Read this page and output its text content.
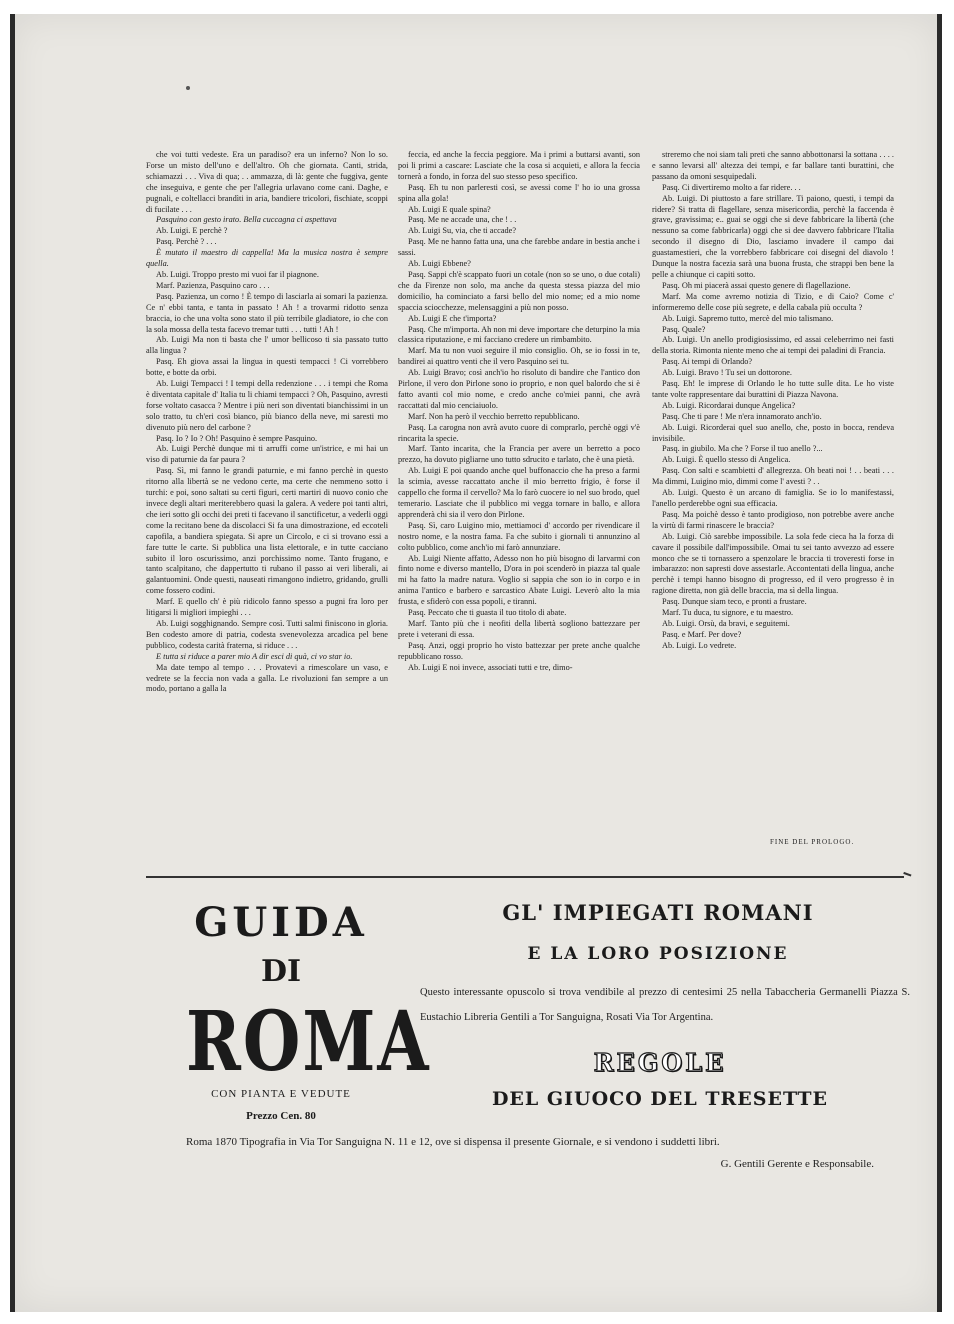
che voi tutti vedeste. Era un paradiso? era un inferno? Non lo so. Forse un misto dell'uno e dell'altro. Oh che giornata. Canti, strida, schiamazzi . . . Viva di qua; . . ammazza, di là: gente che fuggiva, gente che inseguiva, e gente che per l'allegria urlavano come cani. Daghe, e pugnali, e coltellacci brandìti in aria, bandiere tricolori, fischiate, scoppi di fucilate . . .

Pasquino con gesto irato. Bella cuccagna ci aspettava

Ab. Luigi. E perchè ?

Pasq. Perchè ? . . .

È mutato il maestro di cappella! Ma la musica nostra è sempre quella.

Ab. Luigi. Troppo presto mi vuoi far il piagnone.

Marf. Pazienza, Pasquino caro . . .

Pasq. Pazienza, un corno ! È tempo di lasciarla ai somari la pazienza. Ce n' ebbi tanta, e tanta in passato ! Ah ! a trovarmi ridotto senza braccia, io che una volta sono stato il più terribile gladiatore, io che con la sola mossa della testa facevo tremar tutti . . . tutti ! Ah !

Ab. Luigi Ma non ti basta che l' umor bellicoso ti sia passato tutto alla lingua ?

Pasq. Eh giova assai la lingua in questi tempacci ! Ci vorrebbero botte, e botte da orbi.

Ab. Luigi Tempacci ! I tempi della redenzione . . . i tempi che Roma è diventata capitale d' Italia tu li chiami tempacci ? Oh, Pasquino, avresti forse voltato casacca ? Mentre i più neri son diventati bianchissimi in un solo tratto, tu ch'eri così bianco, più bianco della neve, mi saresti mo divenuto più nero del carbone ?

Pasq. Io ? Io ? Oh! Pasquino è sempre Pasquino.

Ab. Luigi Perchè dunque mi ti arruffi come un'istrice, e mi hai un viso di paturnie da far paura ?

Pasq. Sì, mi fanno le grandi paturnie, e mi fanno perchè in questo ritorno alla libertà se ne vedono certe, ma certe che nemmeno sotto i turchi: e poi, sono saltati su certi figuri, certi martiri di nuovo conio che invece degli altari meriterebbero quasi la galera. A vedere poi tanti altri, che ieri sotto gli occhi dei preti ti facevano il sanctificetur, a vederli oggi come la recitano bene da discolacci Si fa una dimostrazione, ed eccoteli capofila, a bandiera spiegata. Si apre un Circolo, e ci si trovano essi a fare tutte le carte. Si pubblica una lista elettorale, e in tutte cacciano subito il loro oscurissimo, anzi porchissimo nome. Tanto frugano, e tanto scalpitano, che dappertutto ti rubano il passo ai veri liberali, ai galantuomini. Onde questi, nauseati rimangono indietro, gridando, grulli come fossero codini.

Marf. E quello ch' è più ridicolo fanno spesso a pugni fra loro per litigarsi li migliori impieghi . . .

Ab. Luigi sogghignando. Sempre così. Tutti salmi finiscono in gloria. Ben codesto amore di patria, codesta svenevolezza arcadica pel bene pubblico, codesta carità fraterna, si riduce . . .

E tutta si riduce a parer mio A dir esci di quà, ci vo star io.

Ma date tempo al tempo . . . Provatevi a rimescolare un vaso, e vedrete se la feccia non vada a galla. Le rivoluzioni fan sempre a un modo, portano a galla la

feccia, ed anche la feccia peggiore. Ma i primi a buttarsi avanti, son poi li primi a cascare: Lasciate che la cosa si acquieti, e allora la feccia tornerà a fondo, in forza del suo stesso peso specifico.

Pasq. Eh tu non parleresti così, se avessi come l' ho io una grossa spina alla gola!

Ab. Luigi E quale spina?

Pasq. Me ne accade una, che ! . .

Ab. Luigi Su, via, che ti accade?

Pasq. Me ne hanno fatta una, una che farebbe andare in bestia anche i sassi.

Ab. Luigi Ebbene?

Pasq. Sappi ch'è scappato fuori un cotale (non so se uno, o due cotali) che da Firenze non solo, ma anche da questa stessa piazza del mio domicilio, ha cominciato a farsi bello del mio nome; ed a mio nome spaccia sciocchezze, melensaggini a più non posso.

Ab. Luigi E che t'importa?

Pasq. Che m'importa. Ah non mi deve importare che deturpino la mia classica riputazione, e mi facciano credere un rimbambito.

Marf. Ma tu non vuoi seguire il mio consiglio. Oh, se io fossi in te, bandirei ai quattro venti che il vero Pasquino sei tu.

Ab. Luigi Bravo; così anch'io ho risoluto di bandire che l'antico don Pirlone, il vero don Pirlone sono io proprio, e non quel balordo che si è fatto avanti col mio nome, e credo anche co'miei panni, che avrà raccattati dal mio cenciaiuolo.

Marf. Non ha però il vecchio berretto repubblicano.

Pasq. La carogna non avrà avuto cuore di comprarlo, perchè oggi v'è rincarita la specie.

Marf. Tanto incarita, che la Francia per avere un berretto a poco prezzo, ha dovuto pigliarne uno tutto sdrucito e tarlato, che è una pietà.

Ab. Luigi E poi quando anche quel buffonaccio che ha preso a farmi la scimia, avesse raccattato anche il mio berretto frigio, è forse il cappello che forma il cervello? Ma lo farò cuocere io nel suo brodo, quel temerario. Lasciate che il pubblico mi vegga tornare in ballo, e allora apprenderà chi sia il vero don Pirlone.

Pasq. Sì, caro Luigino mio, mettiamoci d' accordo per rivendicare il nostro nome, e la nostra fama. Fa che subito i giornali ti annunzino al colto pubblico, come anch'io mi farò annunziare.

Ab. Luigi Niente affatto, Adesso non ho più bisogno di larvarmi con finto nome e diverso mantello, D'ora in poi scenderò in piazza tal quale mi ha fatto la madre natura. Voglio si sappia che son io in corpo e in anima l'antico e barbero e sarcastico Abate Luigi. Leverò alto la mia frusta, e sfiderò con essa popoli, e tiranni.

Pasq. Peccato che ti guasta il tuo titolo di abate.

Marf. Tanto più che i neofiti della libertà sogliono battezzare per prete i veterani di essa.

Pasq. Anzi, oggi proprio ho visto battezzar per prete anche qualche repubblicano rosso.

Ab. Luigi E noi invece, associati tutti e tre, dimo-

streremo che noi siam tali preti che sanno abbottonarsi la sottana . . . . e sanno levarsi all' altezza dei tempi, e far ballare tanti burattini, che passano da omoni sesquipedali.

Pasq. Ci divertiremo molto a far ridere. . .

Ab. Luigi. Di piuttosto a fare strillare. Ti paiono, questi, i tempi da ridere? Si tratta di flagellare, senza misericordia, perchè la faccenda è grave, gravissima; e.. guai se oggi che si deve fabbricare la libertà (che nessuno sa come fabbricarla) oggi che si dee davvero fabbricare l'Italia secondo il disegno di Dio, lasciamo invadere il campo dai guastamestieri, che la vorrebbero fabbricare coi disegni del diavolo ! Dunque la nostra facezia sarà una buona frusta, che strappi ben bene la pelle a chiunque ci capiti sotto.

Pasq. Oh mi piacerà assai questo genere di flagellazione.

Marf. Ma come avremo notizia di Tizio, e di Caio? Come c' informeremo delle cose più segrete, e della cabala più occulta ?

Ab. Luigi. Sapremo tutto, mercè del mio talismano.

Pasq. Quale?

Ab. Luigi. Un anello prodigiosissimo, ed assai celeberrimo nei fasti della storia. Rimonta niente meno che ai tempi dei paladini di Francia.

Pasq. Ai tempi di Orlando?

Ab. Luigi. Bravo ! Tu sei un dottorone.

Pasq. Eh! le imprese di Orlando le ho tutte sulle dita. Le ho viste tante volte rappresentare dai burattini di Piazza Navona.

Ab. Luigi. Ricordarai dunque Angelica?

Pasq. Che ti pare ! Me n'era innamorato anch'io.

Ab. Luigi. Ricorderai quel suo anello, che, posto in bocca, rendeva invisibile.

Pasq. in giubilo. Ma che ? Forse il tuo anello ?...

Ab. Luigi. È quello stesso di Angelica.

Pasq. Con salti e scambietti d' allegrezza. Oh beati noi ! . . beati . . . Ma dimmi, Luigino mio, dimmi come l' avesti ? . .

Ab. Luigi. Questo è un arcano di famiglia. Se io lo manifestassi, l'anello perderebbe ogni sua efficacia.

Pasq. Ma poichè desso è tanto prodigioso, non potrebbe avere anche la virtù di farmi rinascere le braccia?

Ab. Luigi. Ciò sarebbe impossibile. La sola fede cieca ha la forza di cavare il possibile dall'impossibile. Omai tu sei tanto avvezzo ad essere monco che se ti tornassero a spenzolare le braccia ti troveresti forse in imbarazzo: non sapresti dove assestarle. Accontentati della lingua, anche perchè i tempi hanno bisogno di progresso, ed il vero progresso è in ragione diretta, non già delle braccia, ma sì della lingua.

Pasq. Dunque siam teco, e pronti a frustare.

Marf. Tu duca, tu signore, e tu maestro.

Ab. Luigi. Orsù, da bravi, e seguitemi.

Pasq. e Marf. Per dove?

Ab. Luigi. Lo vedrete.

FINE DEL PROLOGO.
GUIDA
DI
ROMA
CON PIANTA E VEDUTE
Prezzo Cen. 80
GL' IMPIEGATI ROMANI
E LA LORO POSIZIONE
Questo interessante opuscolo si trova vendibile al prezzo di centesimi 25 nella Tabaccheria Germanelli Piazza S. Eustachio Libreria Gentili a Tor Sanguigna, Rosati Via Tor Argentina.
REGOLE
DEL GIUOCO DEL TRESETTE
Roma 1870 Tipografia in Via Tor Sanguigna N. 11 e 12, ove si dispensa il presente Giornale, e si vendono i suddetti libri.
G. Gentili Gerente e Responsabile.
